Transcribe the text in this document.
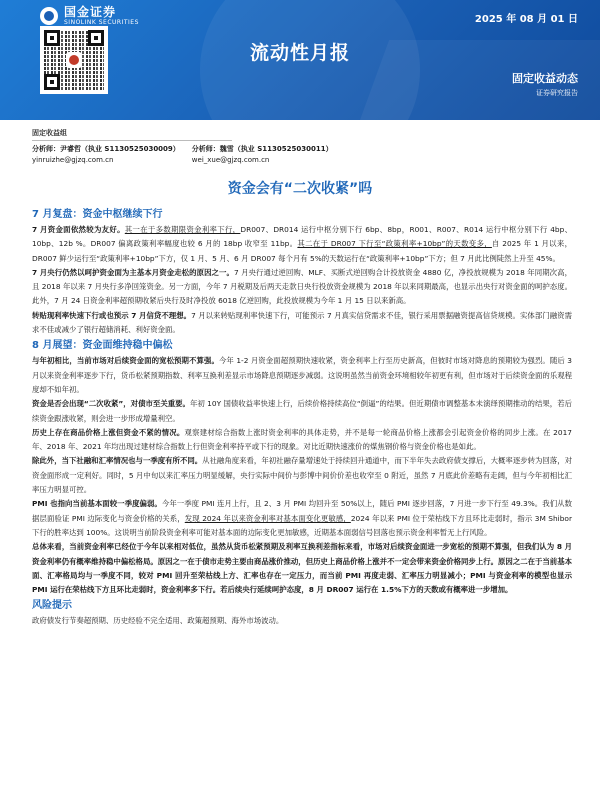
国金证券
SINOLINK SECURITIES	2025 年 08 月 01 日
流动性月报
固定收益动态
证券研究报告
固定收益组
分析师：尹睿哲（执业 S1130525030009）
yinruizhe@gjzq.com.cn
分析师：魏雪（执业 S1130525030011）
wei_xue@gjzq.com.cn
资金会有“二次收紧”吗
7 月复盘：资金中枢继续下行

7 月资金面依然较为友好。其一在于多数期限资金利率下行，DR007、DR014 运行中枢分别下行 6bp、8bp，R001、R007、R014 运行中枢分别下行 4bp、10bp、12b %。DR007 偏离政策利率幅度也较 6 月的 18bp 收窄至 11bp。其二在于 DR007 下行至“政策利率+10bp”的天数变多，自 2025 年 1 月以来，DR007 鲜少运行至“政策利率+10bp”下方，仅 1 月、5 月、6 月 DR007 每个月有 5%的天数运行在“政策利率+10bp”下方；但 7 月此比例陡然上升至 45%。

7 月央行仍然以呵护资金面为主基本月资金走松的原因之一。7 月央行通过逆回购、MLF、买断式逆回购合计投放资金 4880 亿，净投放规模为 2018 年同期次高，且 2018 年以来 7 月央行多净回笼资金。另一方面，今年 7 月税期及后两天走款日央行投放资金规模为 2018 年以来同期最高，也显示出央行对资金面的呵护态度。此外，7 月 24 日资金利率超预期收紧后央行及时净投放 6018 亿逆回购，此投放规模为今年 1 月 15 日以来新高。

转贴现利率快速下行或也预示 7 月信贷不理想。7 月以来转贴现利率快速下行，可能预示 7 月真实信贷需求不佳，银行采用票据融资提高信贷规模。实体部门融资需求不佳或减少了银行超储消耗、利好资金面。

8 月展望：资金面维持稳中偏松

与年初相比，当前市场对后续资金面的宽松预期不算强。今年 1-2 月资金面超预期快速收紧，资金利率上行至历史新高，但彼时市场对降息的预期较为强烈。随后 3 月以来资金利率逐步下行，货币松紧预期指数、利率互换利差显示市场降息预期逐步减弱。这说明虽然当前资金环境相较年初更有利，但市场对于后续资金面的乐观程度却不如年初。

资金是否会出现“二次收紧”，对债市至关重要。年初 10Y 国债收益率快速上行，后续价格持续高位“倒逼”的结果。但近期债市调整基本未演绎预期推动的结果，若后续资金跟涨收紧，则会进一步形成增量利空。

历史上存在商品价格上涨但资金不紧的情况。观察建材综合指数上涨时资金利率的具体走势，并不是每一轮商品价格上涨都会引起资金价格的同步上涨。在 2017 年、2018 年、2021 年均出现过建材综合指数上行但资金利率持平或下行的现象。对比近期快速涨价的煤焦钢价格与资金价格也是如此。

除此外，当下社融和汇率情况也与一季度有所不同。从社融角度来看，年初社融存量增速处于持续回升通道中，而下半年失去政府债支撑后，大概率逐步转为回落，对资金面形成一定利好。同时，5 月中旬以来汇率压力明显缓解，央行实际中间价与彭博中间价价差也收窄至 0 附近，虽然 7 月底此价差略有走阔，但与今年初相比汇率压力明显可控。

PMI 也指向当前基本面较一季度偏弱。今年一季度 PMI 连月上行，且 2、3 月 PMI 均回升至 50%以上，随后 PMI 逐步回落，7 月进一步下行至 49.3%。我们从数据层面验证 PMI 边际变化与资金价格的关系，发现 2024 年以来资金利率对基本面变化更敏感，2024 年以来 PMI 位于荣枯线下方且环比走弱时，指示 3M Shibor 下行的胜率达到 100%。这说明当前阶段资金利率可能对基本面的边际变化更加敏感，近期基本面弱信号回落也预示资金利率暂无上行风险。

总体来看，当前资金利率已经位于今年以来相对低位，虽然从货币松紧预期及利率互换利差指标来看，市场对后续资金面进一步宽松的预期不算强，但我们认为 8 月资金利率仍有概率维持稳中偏松格局。原因之一在于债市走势主要由商品涨价推动，但历史上商品价格上涨并不一定会带来资金价格同步上行。原因之二在于当前基本面、汇率格局均与一季度不同，较对 PMI 回升至荣枯线上方、汇率也存在一定压力，而当前 PMI 再度走弱、汇率压力明显减小；PMI 与资金利率的模型也显示 PMI 运行在荣枯线下方且环比走弱时，资金利率多下行。若后续央行延续呵护态度，8 月 DR007 运行在 1.5%下方的天数或有概率进一步增加。

风险提示

政府债发行节奏超预期、历史经验不完全适用、政策超预期、海外市场波动。
